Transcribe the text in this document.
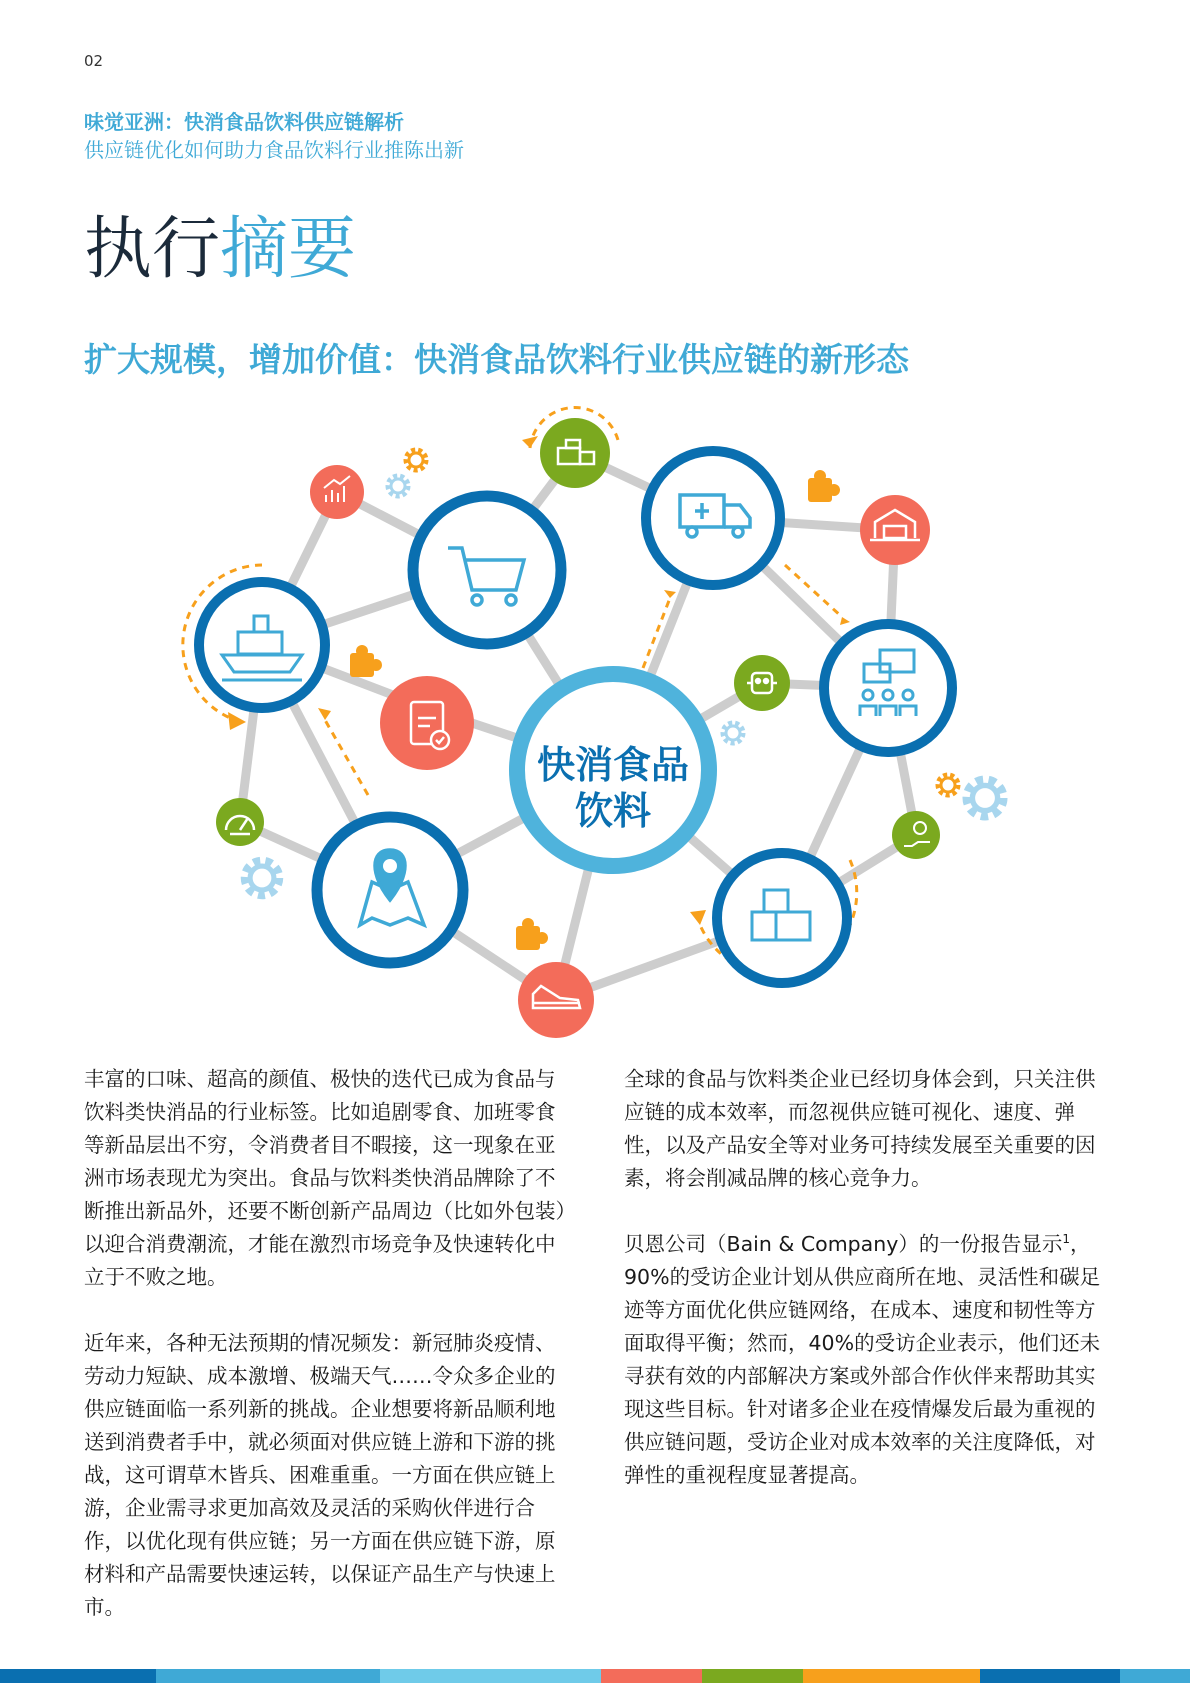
02
味觉亚洲：快消食品饮料供应链解析
供应链优化如何助力食品饮料行业推陈出新
执行摘要
扩大规模，增加价值：快消食品饮料行业供应链的新形态
快消食品
饮料

丰富的口味、超高的颜值、极快的迭代已成为食品与饮料类快消品的行业标签。比如追剧零食、加班零食等新品层出不穷，令消费者目不暇接，这一现象在亚洲市场表现尤为突出。食品与饮料类快消品牌除了不断推出新品外，还要不断创新产品周边（比如外包装）以迎合消费潮流，才能在激烈市场竞争及快速转化中立于不败之地。

近年来，各种无法预期的情况频发：新冠肺炎疫情、劳动力短缺、成本激增、极端天气……令众多企业的供应链面临一系列新的挑战。企业想要将新品顺利地送到消费者手中，就必须面对供应链上游和下游的挑战，这可谓草木皆兵、困难重重。一方面在供应链上游，企业需寻求更加高效及灵活的采购伙伴进行合作，以优化现有供应链；另一方面在供应链下游，原材料和产品需要快速运转，以保证产品生产与快速上市。

全球的食品与饮料类企业已经切身体会到，只关注供应链的成本效率，而忽视供应链可视化、速度、弹性，以及产品安全等对业务可持续发展至关重要的因素，将会削减品牌的核心竞争力。

贝恩公司（Bain & Company）的一份报告显示$^1$，90%的受访企业计划从供应商所在地、灵活性和碳足迹等方面优化供应链网络，在成本、速度和韧性等方面取得平衡；然而，40%的受访企业表示，他们还未寻获有效的内部解决方案或外部合作伙伴来帮助其实现这些目标。针对诸多企业在疫情爆发后最为重视的供应链问题，受访企业对成本效率的关注度降低，对弹性的重视程度显著提高。
